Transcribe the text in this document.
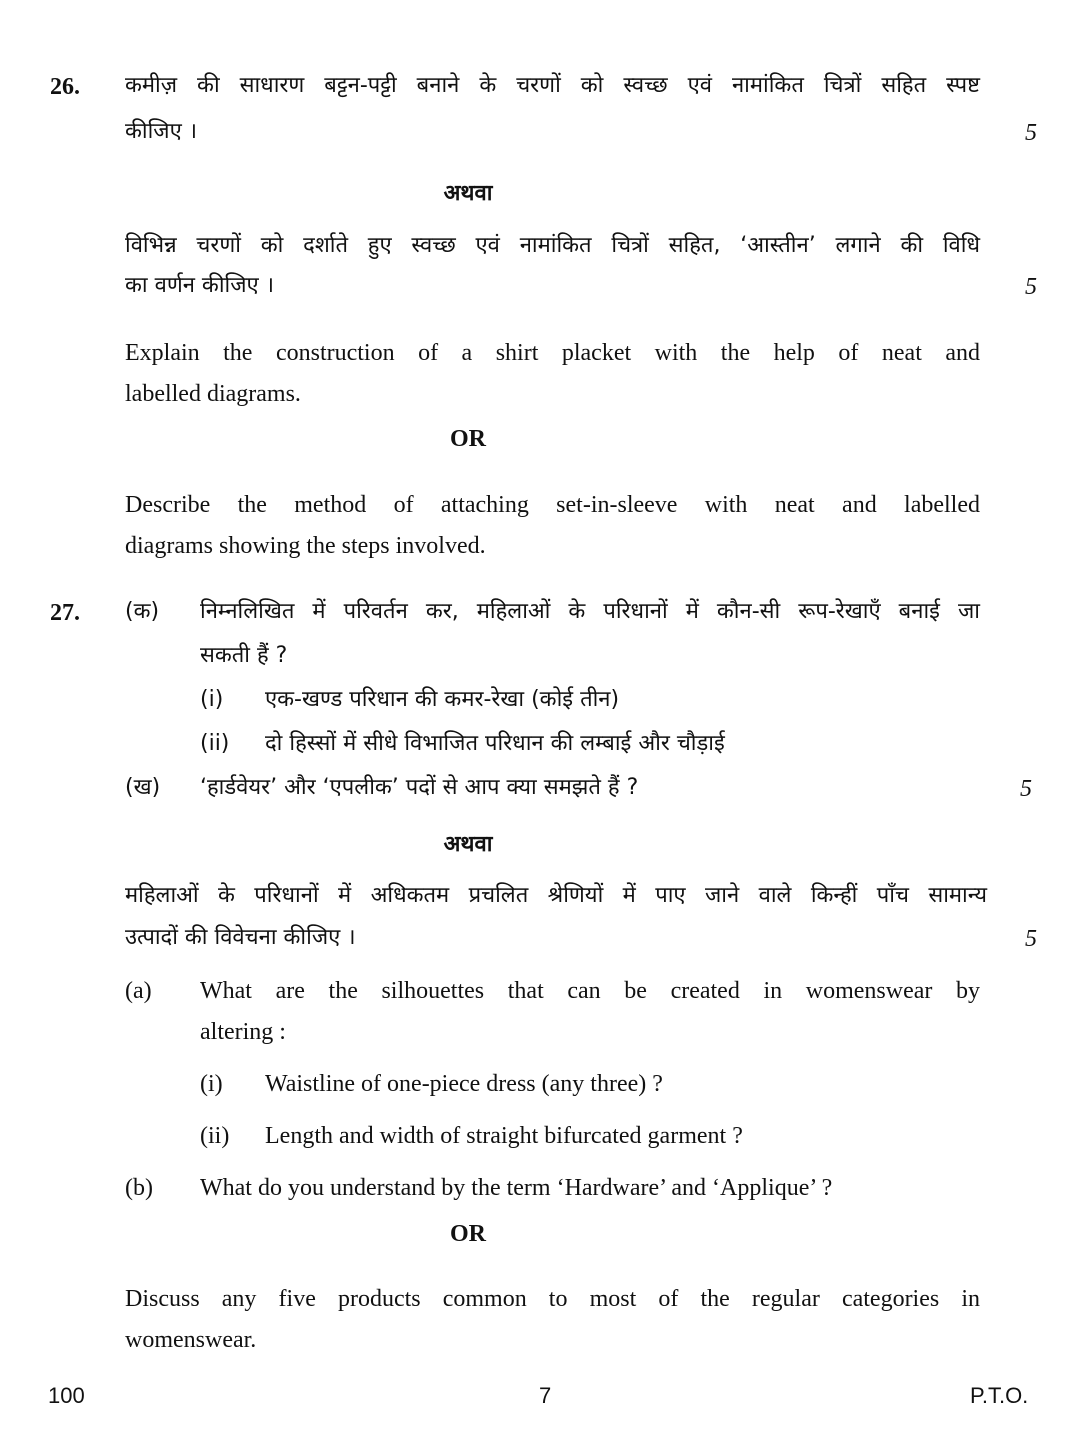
26. कमीज़ की साधारण बट्टन-पट्टी बनाने के चरणों को स्वच्छ एवं नामांकित चित्रों सहित स्पष्ट
कीजिए ।	5
अथवा
विभिन्न चरणों को दर्शाते हुए स्वच्छ एवं नामांकित चित्रों सहित, ‘आस्तीन’ लगाने की विधि
का वर्णन कीजिए ।	5
Explain the construction of a shirt placket with the help of neat and
labelled diagrams.
OR
Describe the method of attaching set-in-sleeve with neat and labelled
diagrams showing the steps involved.
27. (क) निम्नलिखित में परिवर्तन कर, महिलाओं के परिधानों में कौन-सी रूप-रेखाएँ बनाई जा
सकती हैं ?
(i) एक-खण्ड परिधान की कमर-रेखा (कोई तीन)
(ii) दो हिस्सों में सीधे विभाजित परिधान की लम्बाई और चौड़ाई
(ख) ‘हार्डवेयर’ और ‘एपलीक’ पदों से आप क्या समझते हैं ?	5
अथवा
महिलाओं के परिधानों में अधिकतम प्रचलित श्रेणियों में पाए जाने वाले किन्हीं पाँच सामान्य
उत्पादों की विवेचना कीजिए ।	5
(a) What are the silhouettes that can be created in womenswear by
altering :
(i) Waistline of one-piece dress (any three) ?
(ii) Length and width of straight bifurcated garment ?
(b) What do you understand by the term ‘Hardware’ and ‘Applique’ ?
OR
Discuss any five products common to most of the regular categories in
womenswear.
100	7	P.T.O.
